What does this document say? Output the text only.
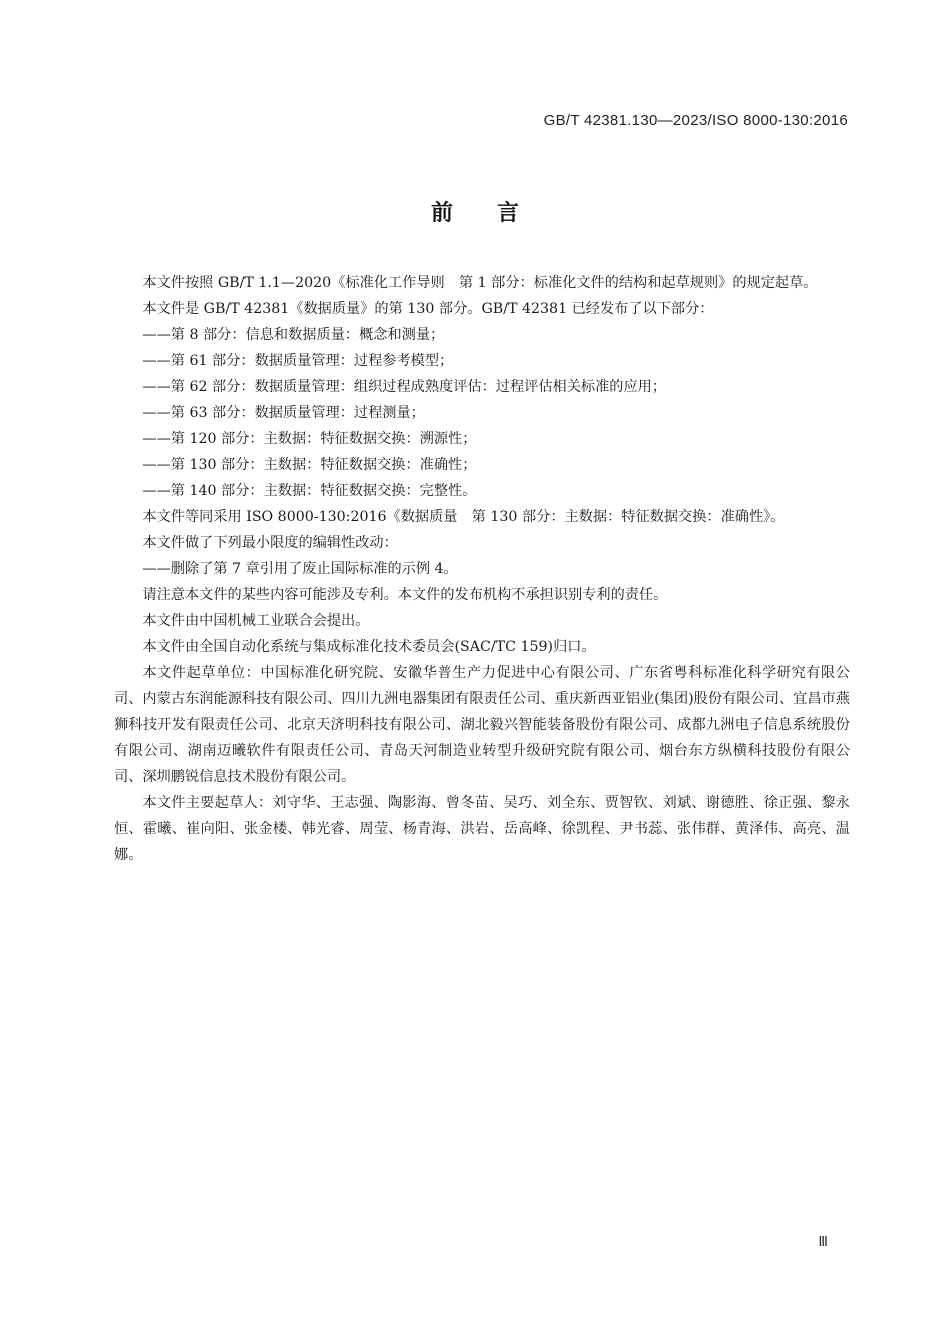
GB/T 42381.130—2023/ISO 8000-130:2016
前言

本文件按照 GB/T 1.1—2020《标准化工作导则　第 1 部分：标准化文件的结构和起草规则》的规定起草。

本文件是 GB/T 42381《数据质量》的第 130 部分。GB/T 42381 已经发布了以下部分：

——第 8 部分：信息和数据质量：概念和测量；

——第 61 部分：数据质量管理：过程参考模型；

——第 62 部分：数据质量管理：组织过程成熟度评估：过程评估相关标准的应用；

——第 63 部分：数据质量管理：过程测量；

——第 120 部分：主数据：特征数据交换：溯源性；

——第 130 部分：主数据：特征数据交换：准确性；

——第 140 部分：主数据：特征数据交换：完整性。

本文件等同采用 ISO 8000-130:2016《数据质量　第 130 部分：主数据：特征数据交换：准确性》。

本文件做了下列最小限度的编辑性改动：

——删除了第 7 章引用了废止国际标准的示例 4。

请注意本文件的某些内容可能涉及专利。本文件的发布机构不承担识别专利的责任。

本文件由中国机械工业联合会提出。

本文件由全国自动化系统与集成标准化技术委员会(SAC/TC 159)归口。

本文件起草单位：中国标准化研究院、安徽华普生产力促进中心有限公司、广东省粤科标准化科学研究有限公司、内蒙古东润能源科技有限公司、四川九洲电器集团有限责任公司、重庆新西亚铝业(集团)股份有限公司、宜昌市燕狮科技开发有限责任公司、北京天济明科技有限公司、湖北毅兴智能装备股份有限公司、成都九洲电子信息系统股份有限公司、湖南迈曦软件有限责任公司、青岛天河制造业转型升级研究院有限公司、烟台东方纵横科技股份有限公司、深圳鹏锐信息技术股份有限公司。

本文件主要起草人：刘守华、王志强、陶影海、曾冬苗、吴巧、刘全东、贾智钦、刘斌、谢德胜、徐正强、黎永恒、霍曦、崔向阳、张金楼、韩光睿、周莹、杨青海、洪岩、岳高峰、徐凯程、尹书蕊、张伟群、黄泽伟、高亮、温娜。

Ⅲ
